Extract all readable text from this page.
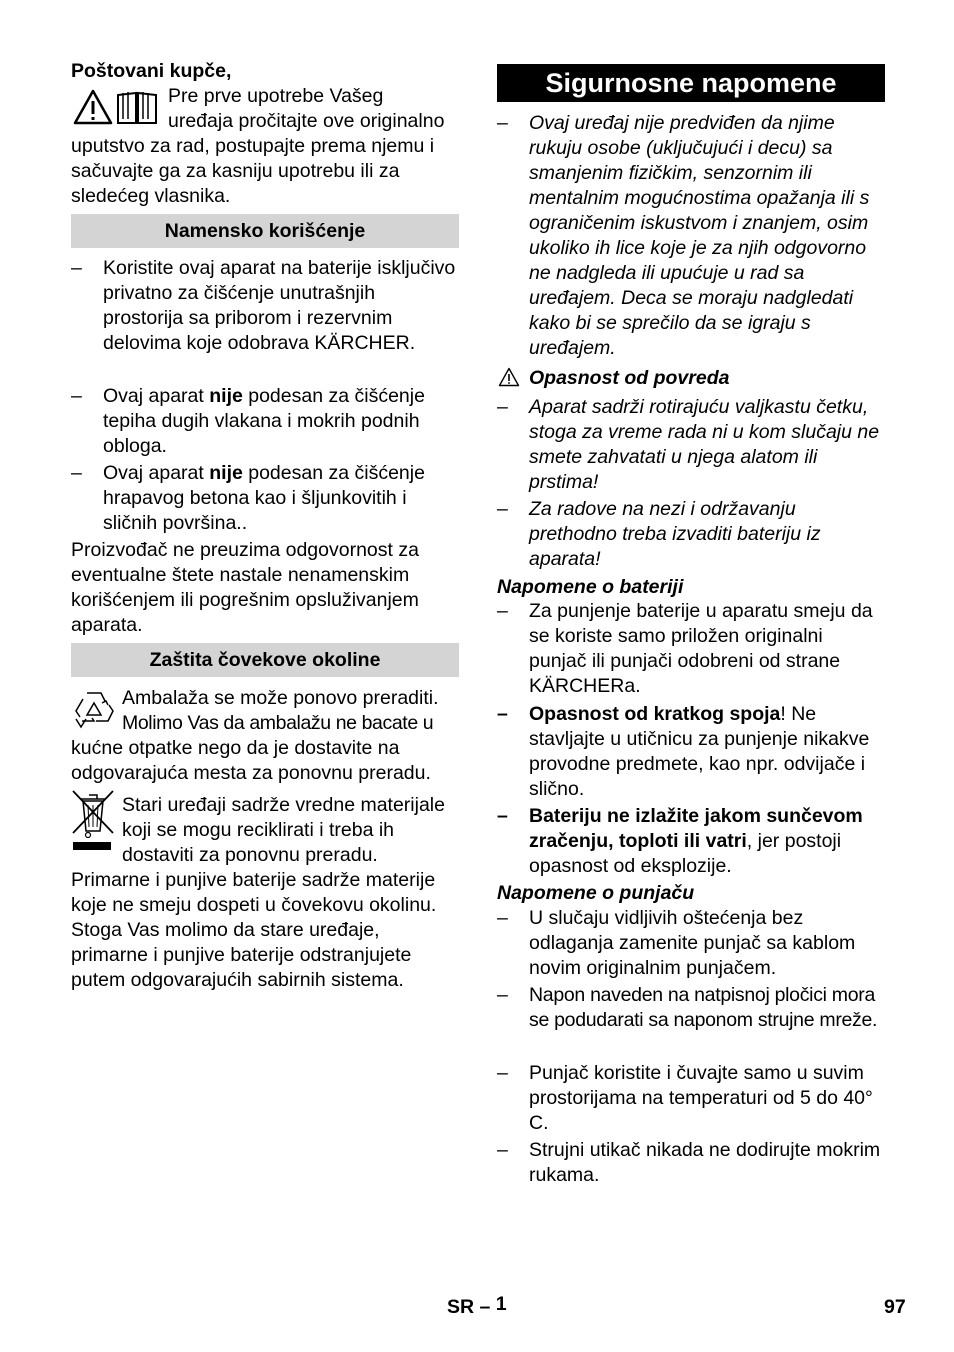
Poštovani kupče,

Pre prve upotrebe Vašeg

uređaja pročitajte ove originalno

uputstvo za rad, postupajte prema njemu i sačuvajte ga za kasniju upotrebu ili za sledećeg vlasnika.

Namensko korišćenje
–	Koristite ovaj aparat na baterije isključivo privatno za čišćenje unutrašnjih prostorija sa priborom i rezervnim delovima koje odobrava KÄRCHER.

–	Ovaj aparat nije podesan za čišćenje tepiha dugih vlakana i mokrih podnih obloga.

–	Ovaj aparat nije podesan za čišćenje hrapavog betona kao i šljunkovitih i sličnih površina..

Proizvođač ne preuzima odgovornost za eventualne štete nastale nenamenskim korišćenjem ili pogrešnim opsluživanjem aparata.

Zaštita čovekove okoline

Ambalaža se može ponovo preraditi.

Molimo Vas da ambalažu ne bacate u

kućne otpatke nego da je dostavite na odgovarajuća mesta za ponovnu preradu.

Stari uređaji sadrže vredne materijale

koji se mogu reciklirati i treba ih

dostaviti za ponovnu preradu.

Primarne i punjive baterije sadrže materije koje ne smeju dospeti u čovekovu okolinu. Stoga Vas molimo da stare uređaje, primarne i punjive baterije odstranjujete putem odgovarajućih sabirnih sistema.

Sigurnosne napomene
–	Ovaj uređaj nije predviđen da njime rukuju osobe (uključujući i decu) sa smanjenim fizičkim, senzornim ili mentalnim mogućnostima opažanja ili s ograničenim iskustvom i znanjem, osim ukoliko ih lice koje je za njih odgovorno ne nadgleda ili upućuje u rad sa uređajem. Deca se moraju nadgledati kako bi se sprečilo da se igraju s uređajem.

Opasnost od povreda

–	Aparat sadrži rotirajuću valjkastu četku, stoga za vreme rada ni u kom slučaju ne smete zahvatati u njega alatom ili prstima!

–	Za radove na nezi i održavanju prethodno treba izvaditi bateriju iz aparata!

Napomene o bateriji

–	Za punjenje baterije u aparatu smeju da se koriste samo priložen originalni punjač ili punjači odobreni od strane KÄRCHERa.

–	Opasnost od kratkog spoja! Ne stavljajte u utičnicu za punjenje nikakve provodne predmete, kao npr. odvijače i slično.

–	Bateriju ne izlažite jakom sunčevom zračenju, toploti ili vatri, jer postoji opasnost od eksplozije.

Napomene o punjaču

–	U slučaju vidljivih oštećenja bez odlaganja zamenite punjač sa kablom novim originalnim punjačem.

–	Napon naveden na natpisnoj pločici mora se podudarati sa naponom strujne mreže.

–	Punjač koristite i čuvajte samo u suvim prostorijama na temperaturi od 5 do 40° C.

–	Strujni utikač nikada ne dodirujte mokrim rukama.

SR – 1	97
